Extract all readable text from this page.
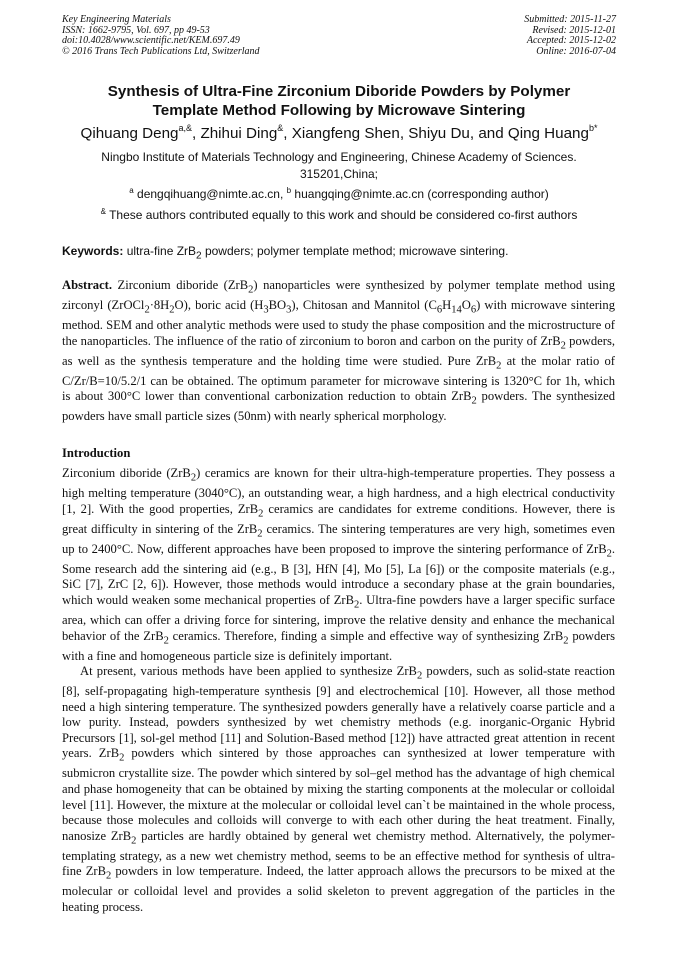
Key Engineering Materials
ISSN: 1662-9795, Vol. 697, pp 49-53
doi:10.4028/www.scientific.net/KEM.697.49
© 2016 Trans Tech Publications Ltd, Switzerland
Submitted: 2015-11-27
Revised: 2015-12-01
Accepted: 2015-12-02
Online: 2016-07-04
Synthesis of Ultra-Fine Zirconium Diboride Powders by Polymer
Template Method Following by Microwave Sintering
Qihuang Deng$^{a,\&}$, Zhihui Ding&, Xiangfeng Shen, Shiyu Du, and Qing Huang$^{b*}$
Ningbo Institute of Materials Technology and Engineering, Chinese Academy of Sciences.
315201,China;
$^a$ dengqihuang@nimte.ac.cn, $^b$ huangqing@nimte.ac.cn (corresponding author)
& These authors contributed equally to this work and should be considered co-first authors
Keywords: ultra-fine ZrB$_2$ powders; polymer template method; microwave sintering.

Abstract. Zirconium diboride (ZrB$_2$) nanoparticles were synthesized by polymer template method using zirconyl $(ZrOCl_2\cdot 8H_2O)$, boric acid $(H_3BO_3)$, Chitosan and Mannitol $(C_6H_{14}O_6)$ with microwave sintering method. SEM and other analytic methods were used to study the phase composition and the microstructure of the nanoparticles. The influence of the ratio of zirconium to boron and carbon on the purity of ZrB$_2$ powders, as well as the synthesis temperature and the holding time were studied. Pure ZrB$_2$ at the molar ratio of C/Zr/B=10/5.2/1 can be obtained. The optimum parameter for microwave sintering is 1320°C for 1h, which is about 300°C lower than conventional carbonization reduction to obtain ZrB$_2$ powders. The synthesized powders have small particle sizes (50nm) with nearly spherical morphology.

Introduction

Zirconium diboride (ZrB$_2$) ceramics are known for their ultra-high-temperature properties. They possess a high melting temperature (3040°C), an outstanding wear, a high hardness, and a high electrical conductivity [1, 2]. With the good properties, ZrB$_2$ ceramics are candidates for extreme conditions. However, there is great difficulty in sintering of the ZrB$_2$ ceramics. The sintering temperatures are very high, sometimes even up to 2400°C. Now, different approaches have been proposed to improve the sintering performance of ZrB$_2$. Some research add the sintering aid (e.g., B [3], HfN [4], Mo [5], La [6]) or the composite materials (e.g., SiC [7], ZrC [2, 6]). However, those methods would introduce a secondary phase at the grain boundaries, which would weaken some mechanical properties of ZrB$_2$. Ultra-fine powders have a larger specific surface area, which can offer a driving force for sintering, improve the relative density and enhance the mechanical behavior of the ZrB$_2$ ceramics. Therefore, finding a simple and effective way of synthesizing ZrB$_2$ powders with a fine and homogeneous particle size is definitely important.

At present, various methods have been applied to synthesize ZrB$_2$ powders, such as solid-state reaction [8], self-propagating high-temperature synthesis [9] and electrochemical [10]. However, all those method need a high sintering temperature. The synthesized powders generally have a relatively coarse particle and a low purity. Instead, powders synthesized by wet chemistry methods (e.g. inorganic-Organic Hybrid Precursors [1], sol-gel method [11] and Solution-Based method [12]) have attracted great attention in recent years. ZrB$_2$ powders which sintered by those approaches can synthesized at lower temperature with submicron crystallite size. The powder which sintered by sol–gel method has the advantage of high chemical and phase homogeneity that can be obtained by mixing the starting components at the molecular or colloidal level [11]. However, the mixture at the molecular or colloidal level can`t be maintained in the whole process, because those molecules and colloids will converge to with each other during the heat treatment. Finally, nanosize ZrB$_2$ particles are hardly obtained by general wet chemistry method. Alternatively, the polymer-templating strategy, as a new wet chemistry method, seems to be an effective method for synthesis of ultra-fine ZrB$_2$ powders in low temperature. Indeed, the latter approach allows the precursors to be mixed at the molecular or colloidal level and provides a solid skeleton to prevent aggregation of the particles in the heating process.
